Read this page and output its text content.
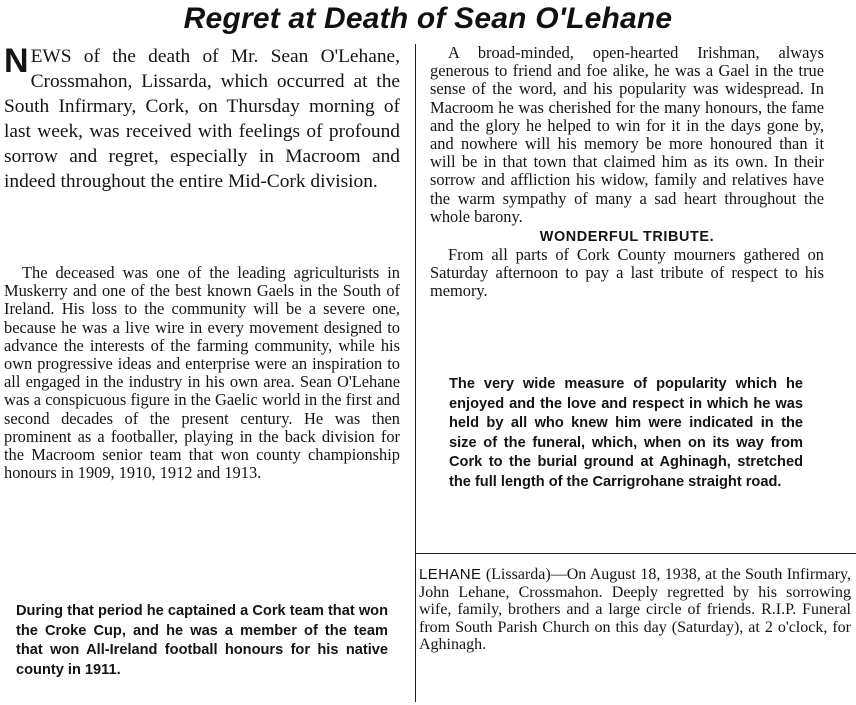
Regret at Death of Sean O'Lehane

NEWS of the death of Mr. Sean O'Lehane, Crossmahon, Lissarda, which occurred at the South Infirmary, Cork, on Thursday morning of last week, was received with feelings of profound sorrow and regret, especially in Macroom and indeed throughout the entire Mid-Cork division.

The deceased was one of the leading agriculturists in Muskerry and one of the best known Gaels in the South of Ireland. His loss to the community will be a severe one, because he was a live wire in every movement designed to advance the interests of the farming community, while his own progressive ideas and enterprise were an inspiration to all engaged in the industry in his own area. Sean O'Lehane was a conspicuous figure in the Gaelic world in the first and second decades of the present century. He was then prominent as a footballer, playing in the back division for the Macroom senior team that won county championship honours in 1909, 1910, 1912 and 1913.

During that period he captained a Cork team that won the Croke Cup, and he was a member of the team that won All-Ireland football honours for his native county in 1911.

A broad-minded, open-hearted Irishman, always generous to friend and foe alike, he was a Gael in the true sense of the word, and his popularity was widespread. In Macroom he was cherished for the many honours, the fame and the glory he helped to win for it in the days gone by, and nowhere will his memory be more honoured than it will be in that town that claimed him as its own. In their sorrow and affliction his widow, family and relatives have the warm sympathy of many a sad heart throughout the whole barony.

WONDERFUL TRIBUTE.

From all parts of Cork County mourners gathered on Saturday afternoon to pay a last tribute of respect to his memory.

The very wide measure of popularity which he enjoyed and the love and respect in which he was held by all who knew him were indicated in the size of the funeral, which, when on its way from Cork to the burial ground at Aghinagh, stretched the full length of the Carrigrohane straight road.

LEHANE (Lissarda)—On August 18, 1938, at the South Infirmary, John Lehane, Crossmahon. Deeply regretted by his sorrowing wife, family, brothers and a large circle of friends. R.I.P. Funeral from South Parish Church on this day (Saturday), at 2 o'clock, for Aghinagh.
